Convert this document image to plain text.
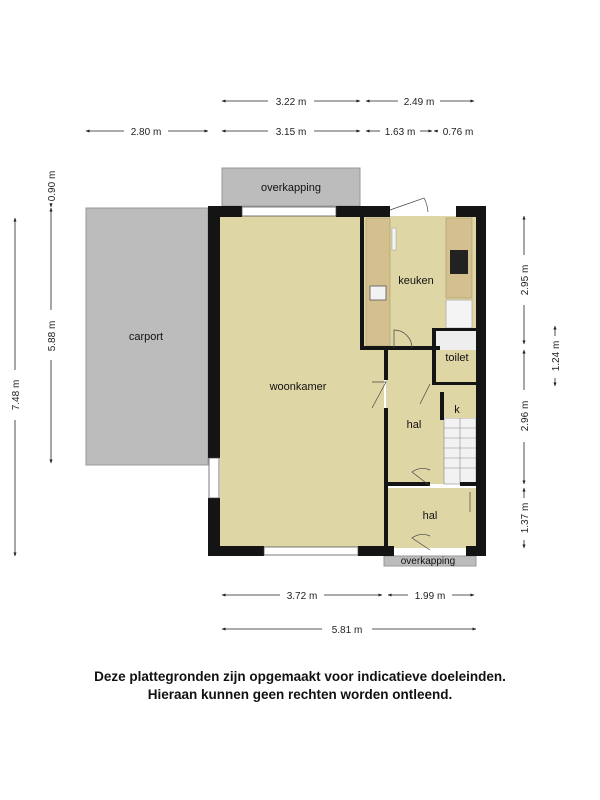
overkapping
carport
woonkamer
keuken
toilet
hal
k
hal
overkapping
3.22 m	2.49 m
2.80 m	3.15 m	1.63 m	0.76 m
7.48 m
5.88 m
0.90 m
2.95 m
1.24 m
2.96 m
1.37 m
3.72 m	1.99 m
5.81 m
Deze plattegronden zijn opgemaakt voor indicatieve doeleinden.
Hieraan kunnen geen rechten worden ontleend.
